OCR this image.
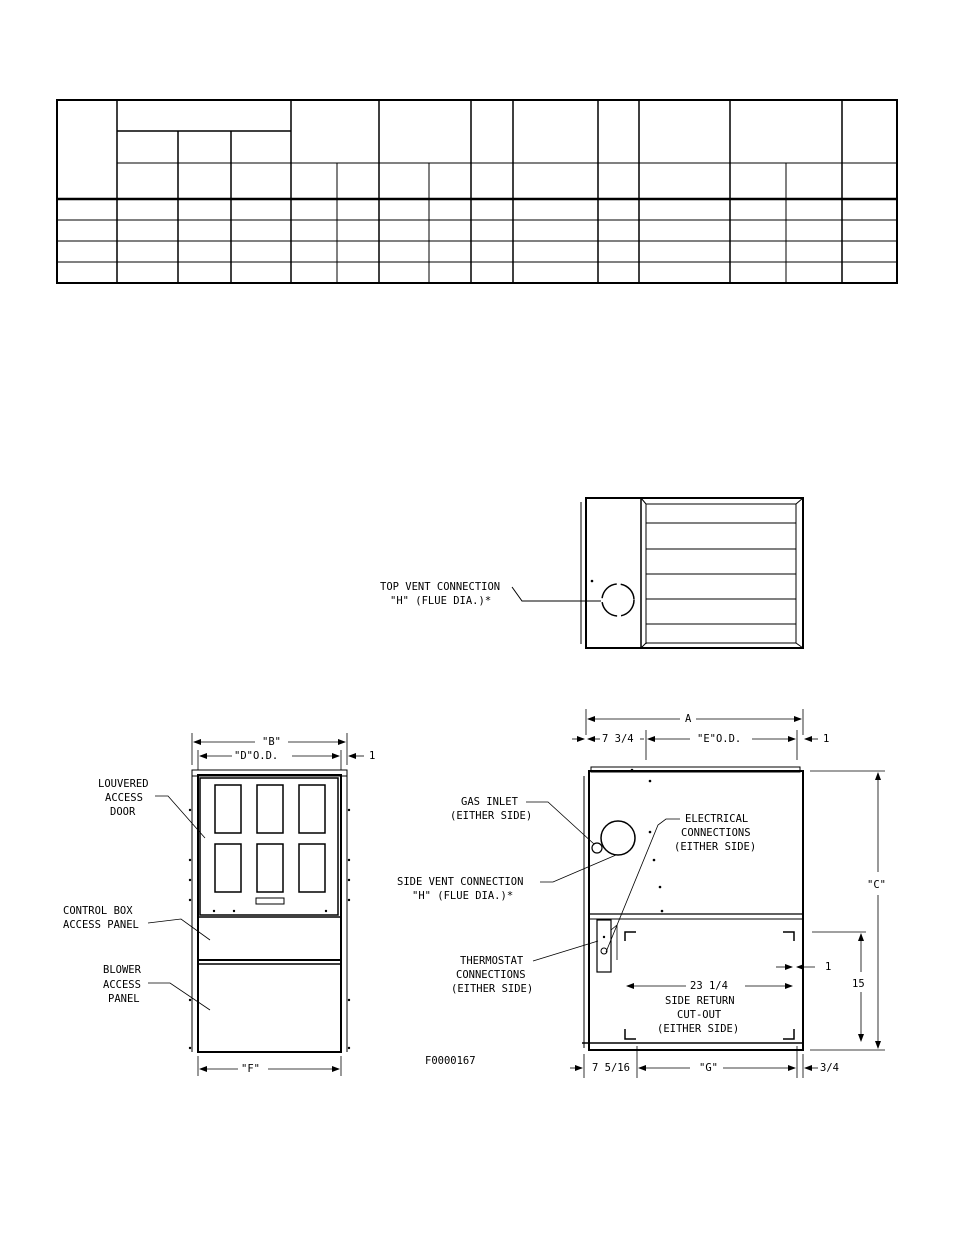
TOP VENT CONNECTION
"H" (FLUE DIA.)*
"B"
"D"O.D.	1
"F"
LOUVERED
ACCESS
DOOR
CONTROL BOX
ACCESS PANEL
BLOWER
ACCESS
PANEL
F0000167
A
7 3/4	"E"O.D.	1
"C"
15
1
23 1/4
7 5/16	"G"	3/4
GAS INLET
(EITHER SIDE)	ELECTRICAL
CONNECTIONS
(EITHER SIDE)
SIDE VENT CONNECTION
"H" (FLUE DIA.)*
THERMOSTAT
CONNECTIONS
(EITHER SIDE)
SIDE RETURN
CUT-OUT
(EITHER SIDE)
